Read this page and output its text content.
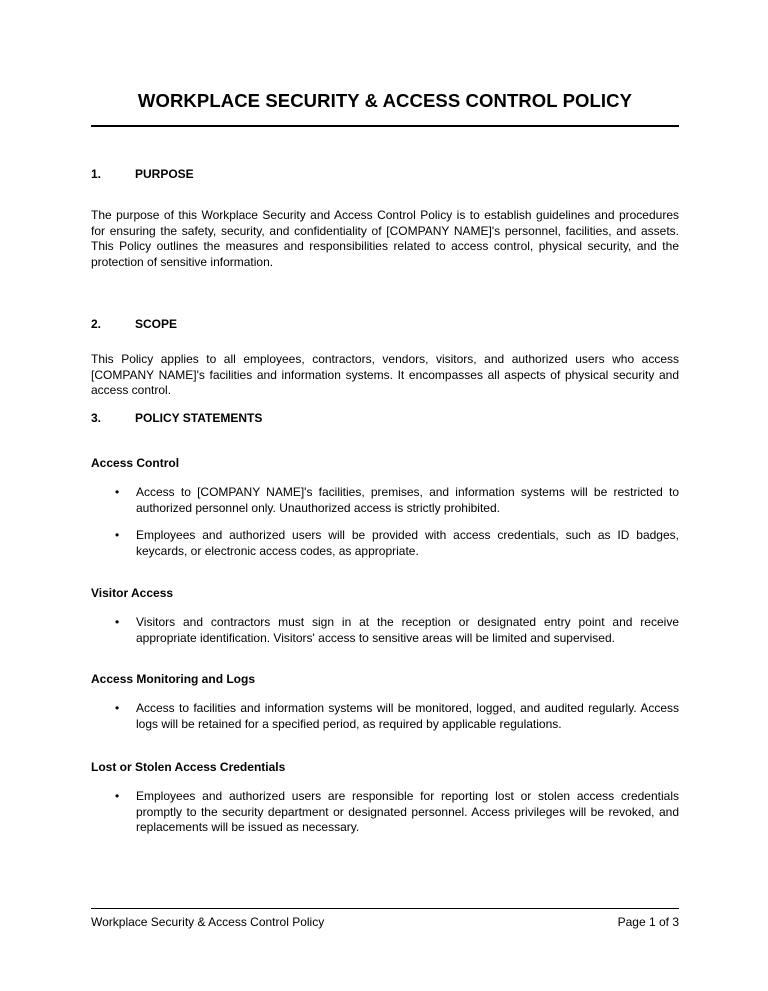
WORKPLACE SECURITY & ACCESS CONTROL POLICY
1.	PURPOSE

The purpose of this Workplace Security and Access Control Policy is to establish guidelines and procedures for ensuring the safety, security, and confidentiality of [COMPANY NAME]'s personnel, facilities, and assets. This Policy outlines the measures and responsibilities related to access control, physical security, and the protection of sensitive information.

2.	SCOPE

This Policy applies to all employees, contractors, vendors, visitors, and authorized users who access [COMPANY NAME]'s facilities and information systems. It encompasses all aspects of physical security and access control.

3.	POLICY STATEMENTS
Access Control
• Access to [COMPANY NAME]'s facilities, premises, and information systems will be restricted to authorized personnel only. Unauthorized access is strictly prohibited.

• Employees and authorized users will be provided with access credentials, such as ID badges, keycards, or electronic access codes, as appropriate.

Visitor Access
• Visitors and contractors must sign in at the reception or designated entry point and receive appropriate identification. Visitors' access to sensitive areas will be limited and supervised.

Access Monitoring and Logs
• Access to facilities and information systems will be monitored, logged, and audited regularly. Access logs will be retained for a specified period, as required by applicable regulations.

Lost or Stolen Access Credentials
• Employees and authorized users are responsible for reporting lost or stolen access credentials promptly to the security department or designated personnel. Access privileges will be revoked, and replacements will be issued as necessary.

Workplace Security & Access Control Policy	Page 1 of 3
